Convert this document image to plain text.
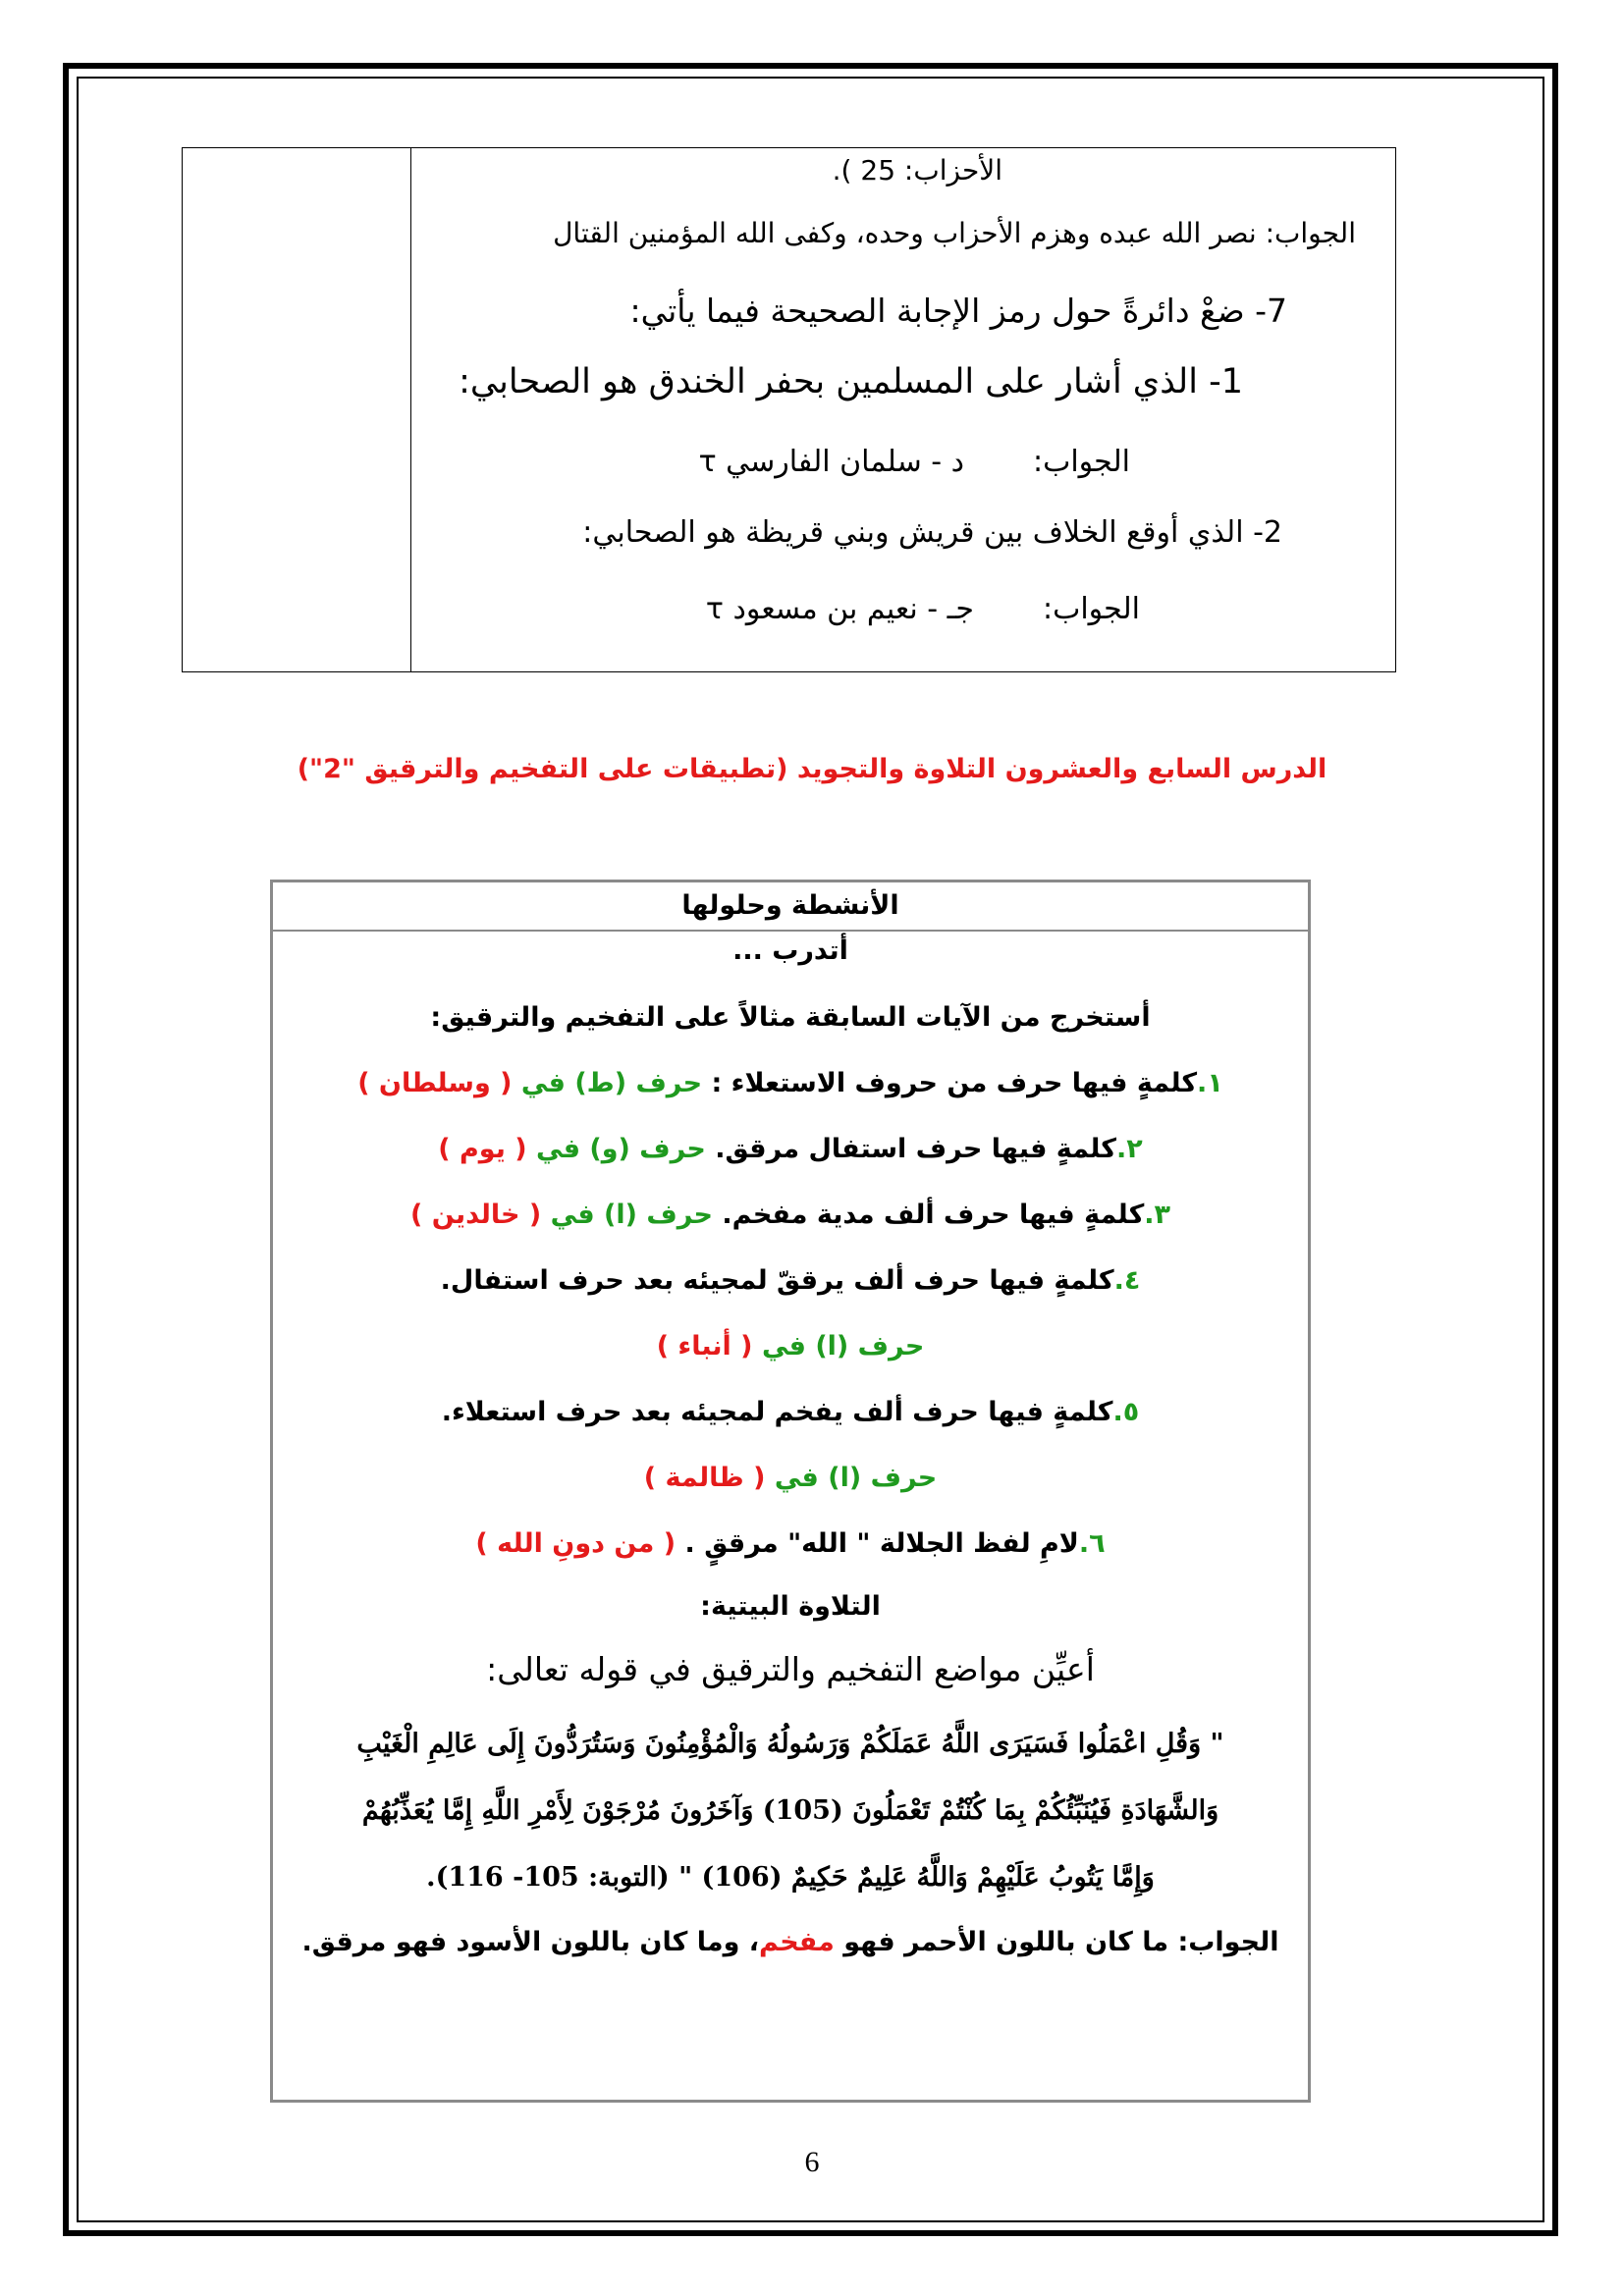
الأحزاب: 25 ).
الجواب: نصر الله عبده وهزم الأحزاب وحده، وكفى الله المؤمنين القتال
7- ضعْ دائرةً حول رمز الإجابة الصحيحة فيما يأتي:
1- الذي أشار على المسلمين بحفر الخندق هو الصحابي:
الجواب:د - سلمان الفارسي τ
2- الذي أوقع الخلاف بين قريش وبني قريظة هو الصحابي:
الجواب:جـ - نعيم بن مسعود τ
الدرس السابع والعشرون التلاوة والتجويد (تطبيقات على التفخيم والترقيق "2")
الأنشطة وحلولها
أتدرب ...
أستخرج من الآيات السابقة مثالاً على التفخيم والترقيق:
١.كلمةٍ فيها حرف من حروف الاستعلاء : حرف (ط) في ( وسلطان )
٢.كلمةٍ فيها حرف استفال مرقق. حرف (و) في ( يوم )
٣.كلمةٍ فيها حرف ألف مدية مفخم. حرف (ا) في ( خالدين )
٤.كلمةٍ فيها حرف ألف يرققّ لمجيئه بعد حرف استفال.
حرف (ا) في ( أنباء )
٥.كلمةٍ فيها حرف ألف يفخم لمجيئه بعد حرف استعلاء.
حرف (ا) في ( ظالمة )
٦.لامِ لفظ الجلالة " الله" مرققٍ . ( من دونِ الله )
التلاوة البيتية:
أعيِّن مواضع التفخيم والترقيق في قوله تعالى:
" وَقُلِ اعْمَلُوا فَسَيَرَى اللَّهُ عَمَلَكُمْ وَرَسُولُهُ وَالْمُؤْمِنُونَ وَسَتُرَدُّونَ إِلَى عَالِمِ الْغَيْبِ
وَالشَّهَادَةِ فَيُنَبِّئُكُمْ بِمَا كُنْتُمْ تَعْمَلُونَ (105) وَآخَرُونَ مُرْجَوْنَ لِأَمْرِ اللَّهِ إِمَّا يُعَذِّبُهُمْ
وَإِمَّا يَتُوبُ عَلَيْهِمْ وَاللَّهُ عَلِيمٌ حَكِيمٌ (106) " (التوبة: 105- 116).
الجواب: ما كان باللون الأحمر فهو مفخم، وما كان باللون الأسود فهو مرقق.
6
